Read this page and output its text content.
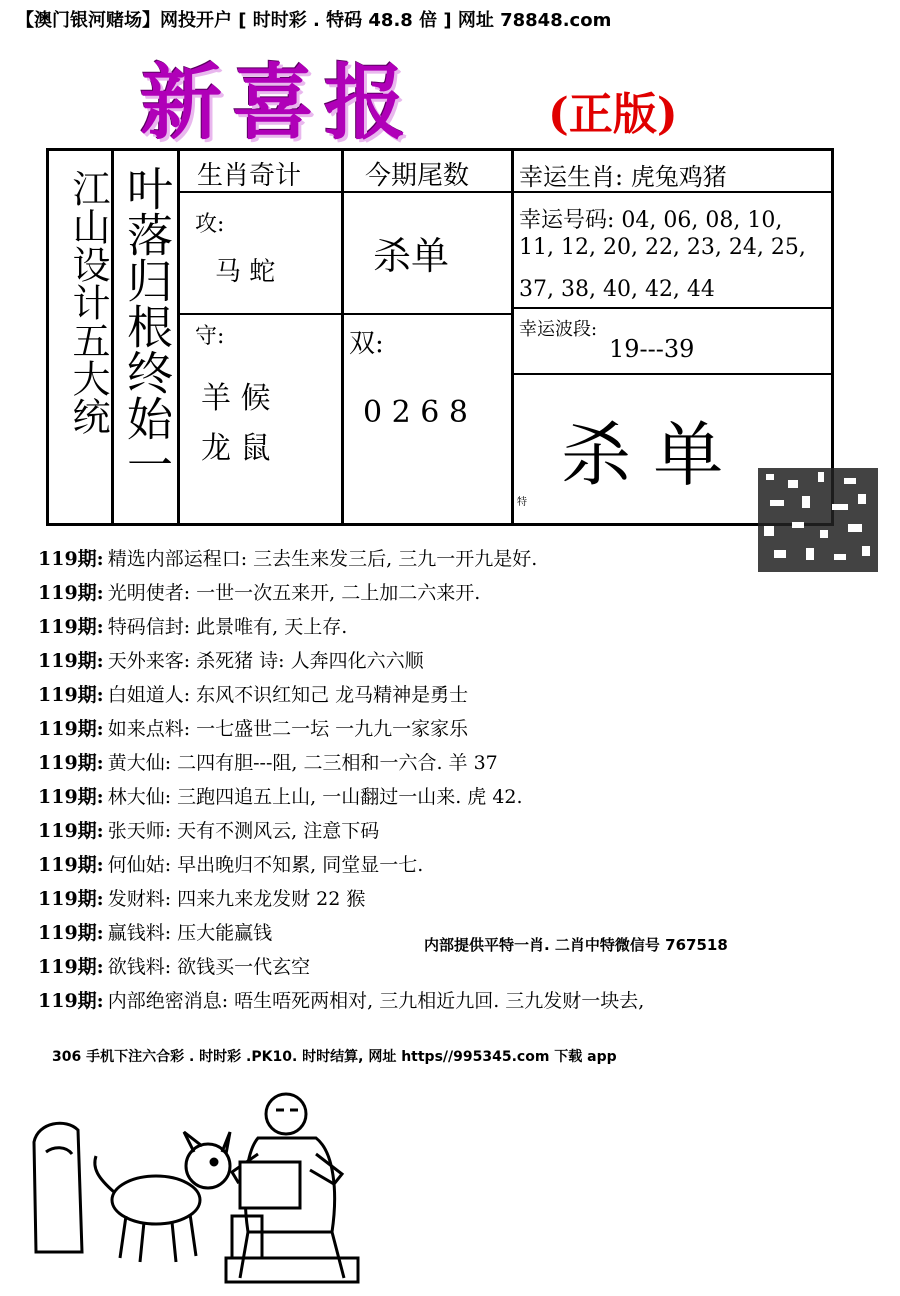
【澳门银河赌场】网投开户 [ 时时彩 . 特码 48.8 倍 ] 网址 78848.com
新喜报	(正版)
江山设计五大统 叶落归根终始一 生肖奇计 今期尾数 幸运生肖: 虎兔鸡猪
攻:
马 蛇	杀单
幸运号码: 04, 06, 08, 10,
11, 12, 20, 22, 23, 24, 25,
37, 38, 40, 42, 44
守:
羊 候
龙 鼠
双:
0 2 6 8
幸运波段:
19---39
杀 单
特
119期: 精选内部运程口: 三去生来发三后, 三九一开九是好.
119期: 光明使者: 一世一次五来开, 二上加二六来开.
119期: 特码信封: 此景唯有, 天上存.
119期: 天外来客: 杀死猪 诗: 人奔四化六六顺
119期: 白姐道人: 东风不识红知己 龙马精神是勇士
119期: 如来点料: 一七盛世二一坛 一九九一家家乐
119期: 黄大仙: 二四有胆---阻, 二三相和一六合. 羊 37
119期: 林大仙: 三跑四追五上山, 一山翻过一山来. 虎 42.
119期: 张天师: 天有不测风云, 注意下码
119期: 何仙姑: 早出晚归不知累, 同堂显一七.
119期: 发财料: 四来九来龙发财 22 猴
119期: 赢钱料: 压大能赢钱
119期: 欲钱料: 欲钱买一代玄空
119期: 内部绝密消息: 唔生唔死两相对, 三九相近九回. 三九发财一块去,
内部提供平特一肖. 二肖中特微信号 767518
306 手机下注六合彩 . 时时彩 .PK10. 时时结算, 网址 https//995345.com 下载 app
